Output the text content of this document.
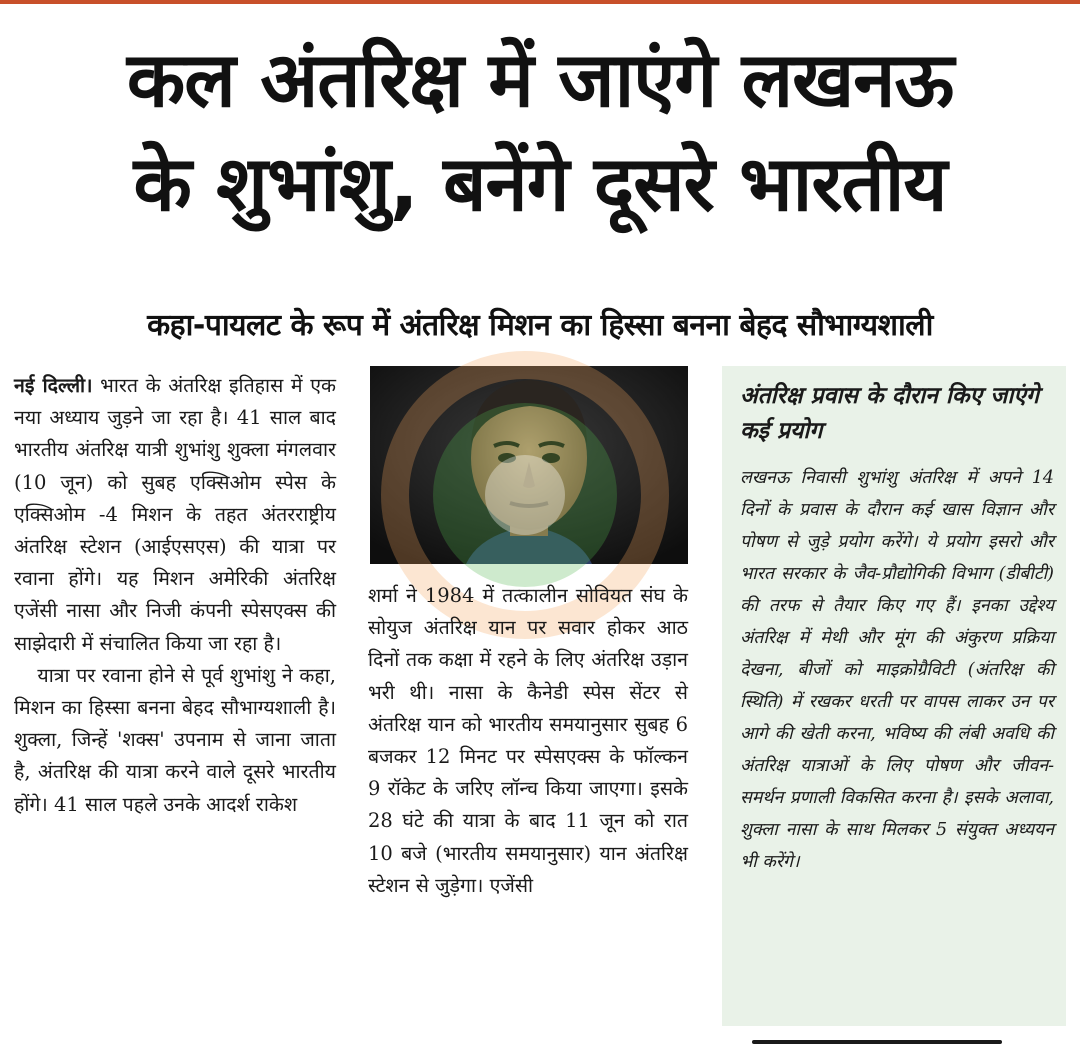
कल अंतरिक्ष में जाएंगे लखनऊ
के शुभांशु, बनेंगे दूसरे भारतीय
कहा-पायलट के रूप में अंतरिक्ष मिशन का हिस्सा बनना बेहद सौभाग्यशाली

नई दिल्ली। भारत के अंतरिक्ष इतिहास में एक नया अध्याय जुड़ने जा रहा है। 41 साल बाद भारतीय अंतरिक्ष यात्री शुभांशु शुक्ला मंगलवार (10 जून) को सुबह एक्सिओम स्पेस के एक्सिओम -4 मिशन के तहत अंतरराष्ट्रीय अंतरिक्ष स्टेशन (आईएसएस) की यात्रा पर रवाना होंगे। यह मिशन अमेरिकी अंतरिक्ष एजेंसी नासा और निजी कंपनी स्पेसएक्स की साझेदारी में संचालित किया जा रहा है।

यात्रा पर रवाना होने से पूर्व शुभांशु ने कहा, मिशन का हिस्सा बनना बेहद सौभाग्यशाली है। शुक्ला, जिन्हें 'शक्स' उपनाम से जाना जाता है, अंतरिक्ष की यात्रा करने वाले दूसरे भारतीय होंगे। 41 साल पहले उनके आदर्श राकेश

शर्मा ने 1984 में तत्कालीन सोवियत संघ के सोयुज अंतरिक्ष यान पर सवार होकर आठ दिनों तक कक्षा में रहने के लिए अंतरिक्ष उड़ान भरी थी। नासा के कैनेडी स्पेस सेंटर से अंतरिक्ष यान को भारतीय समयानुसार सुबह 6 बजकर 12 मिनट पर स्पेसएक्स के फॉल्कन 9 रॉकेट के जरिए लॉन्च किया जाएगा। इसके 28 घंटे की यात्रा के बाद 11 जून को रात 10 बजे (भारतीय समयानुसार) यान अंतरिक्ष स्टेशन से जुड़ेगा। एजेंसी

अंतरिक्ष प्रवास के दौरान किए जाएंगे कई प्रयोग

लखनऊ निवासी शुभांशु अंतरिक्ष में अपने 14 दिनों के प्रवास के दौरान कई खास विज्ञान और पोषण से जुड़े प्रयोग करेंगे। ये प्रयोग इसरो और भारत सरकार के जैव-प्रौद्योगिकी विभाग (डीबीटी) की तरफ से तैयार किए गए हैं। इनका उद्देश्य अंतरिक्ष में मेथी और मूंग की अंकुरण प्रक्रिया देखना, बीजों को माइक्रोग्रैविटी (अंतरिक्ष की स्थिति) में रखकर धरती पर वापस लाकर उन पर आगे की खेती करना, भविष्य की लंबी अवधि की अंतरिक्ष यात्राओं के लिए पोषण और जीवन-समर्थन प्रणाली विकसित करना है। इसके अलावा, शुक्ला नासा के साथ मिलकर 5 संयुक्त अध्ययन भी करेंगे।
